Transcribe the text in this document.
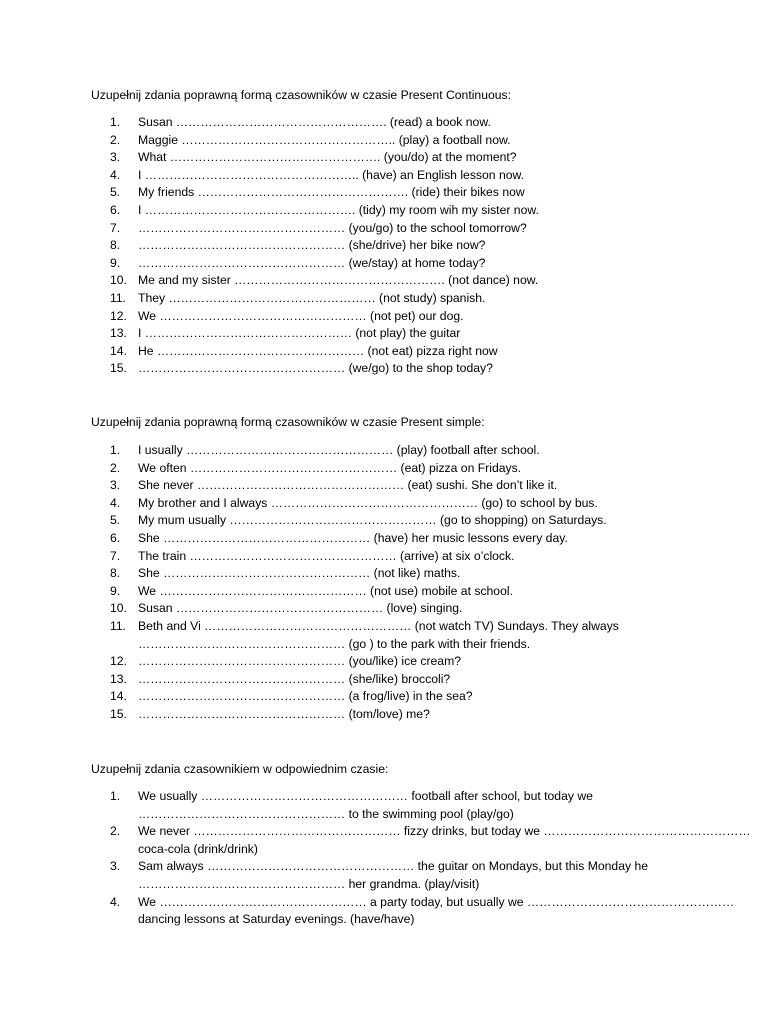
Uzupełnij zdania poprawną formą czasowników w czasie Present Continuous:
1. Susan ……………………………………………. (read) a book now.
2. Maggie …………………………………………….. (play) a football now.
3. What ……………………………………………. (you/do) at the moment?
4. I …………………………………………….. (have) an English lesson now.
5. My friends ……………………………………………. (ride) their bikes now
6. I ……………………………………………. (tidy) my room wih my sister now.
7. …………………………………………… (you/go) to the school tomorrow?
8. …………………………………………… (she/drive) her bike now?
9. …………………………………………… (we/stay) at home today?
10. Me and my sister ……………………………………………. (not dance) now.
11. They …………………………………………… (not study) spanish.
12. We …………………………………………… (not pet) our dog.
13. I …………………………………………… (not play) the guitar
14. He …………………………………………… (not eat) pizza right now
15. …………………………………………… (we/go) to the shop today?
Uzupełnij zdania poprawną formą czasowników w czasie Present simple:
1. I usually …………………………………………… (play) football after school.
2. We often …………………………………………… (eat) pizza on Fridays.
3. She never …………………………………………… (eat) sushi. She don’t like it.
4. My brother and I always …………………………………………… (go) to school by bus.
5. My mum usually …………………………………………… (go to shopping) on Saturdays.
6. She …………………………………………… (have) her music lessons every day.
7. The train …………………………………………… (arrive) at six o’clock.
8. She …………………………………………… (not like) maths.
9. We …………………………………………… (not use) mobile at school.
10. Susan …………………………………………… (love) singing.
11. Beth and Vi …………………………………………… (not watch TV) Sundays. They always
…………………………………………… (go ) to the park with their friends.
12. …………………………………………… (you/like) ice cream?
13. …………………………………………… (she/like) broccoli?
14. …………………………………………… (a frog/live) in the sea?
15. …………………………………………… (tom/love) me?
Uzupełnij zdania czasownikiem w odpowiednim czasie:
1. We usually …………………………………………… football after school, but today we
…………………………………………… to the swimming pool (play/go)
2. We never …………………………………………… fizzy drinks, but today we ……………………………………………
coca-cola (drink/drink)
3. Sam always …………………………………………… the guitar on Mondays, but this Monday he
…………………………………………… her grandma. (play/visit)
4. We …………………………………………… a party today, but usually we ……………………………………………
dancing lessons at Saturday evenings. (have/have)
